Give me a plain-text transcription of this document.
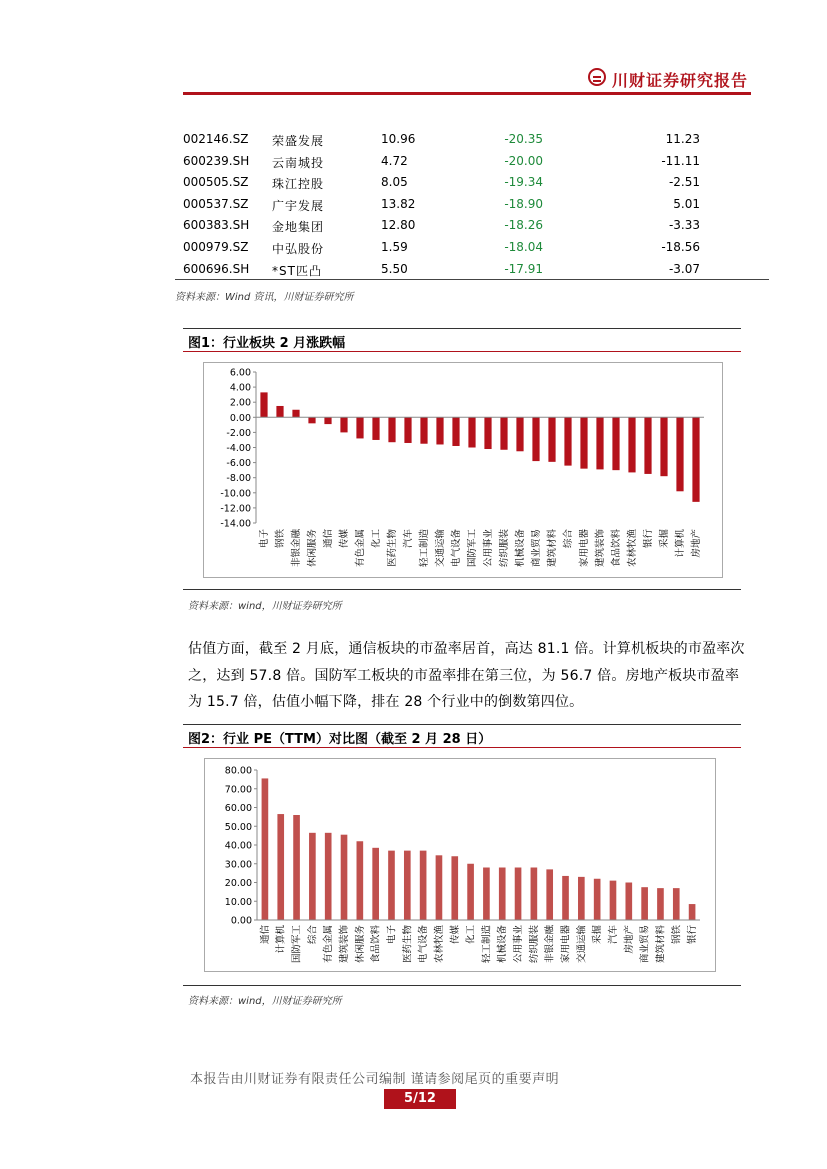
川财证券研究报告
002146.SZ 荣盛发展	10.96	-20.35	11.23
600239.SH 云南城投	4.72	-20.00	-11.11
000505.SZ 珠江控股	8.05	-19.34	-2.51
000537.SZ 广宇发展	13.82	-18.90	5.01
600383.SH 金地集团	12.80	-18.26	-3.33
000979.SZ 中弘股份	1.59	-18.04	-18.56
600696.SH *ST匹凸	5.50	-17.91	-3.07
资料来源：Wind 资讯，川财证券研究所
图1：行业板块 2 月涨跌幅
6.00
4.00
2.00
0.00
-2.00
-4.00
-6.00
-8.00
-10.00
-12.00
-14.00
电子 钢铁 非银金融 休闲服务 通信 传媒 有色金属 化工 医药生物 汽车 轻工制造 交通运输 电气设备 国防军工 公用事业 纺织服装 机械设备 商业贸易 建筑材料 综合 家用电器 建筑装饰 食品饮料 农林牧渔 银行 采掘 计算机 房地产
资料来源：wind，川财证券研究所

估值方面，截至 2 月底，通信板块的市盈率居首，高达 81.1 倍。计算机板块的市盈率次之，达到 57.8 倍。国防军工板块的市盈率排在第三位，为 56.7 倍。房地产板块市盈率为 15.7 倍，估值小幅下降，排在 28 个行业中的倒数第四位。

图2：行业 PE（TTM）对比图（截至 2 月 28 日）
80.00
70.00
60.00
50.00
40.00
30.00
20.00
10.00
0.00
通信 计算机 国防军工 综合 有色金属 建筑装饰 休闲服务 食品饮料 电子 医药生物 电气设备 农林牧渔 传媒 化工 轻工制造 机械设备 公用事业 纺织服装 非银金融 家用电器 交通运输 采掘 汽车 房地产 商业贸易 建筑材料 钢铁 银行
资料来源：wind，川财证券研究所
本报告由川财证券有限责任公司编制 谨请参阅尾页的重要声明
5/12
